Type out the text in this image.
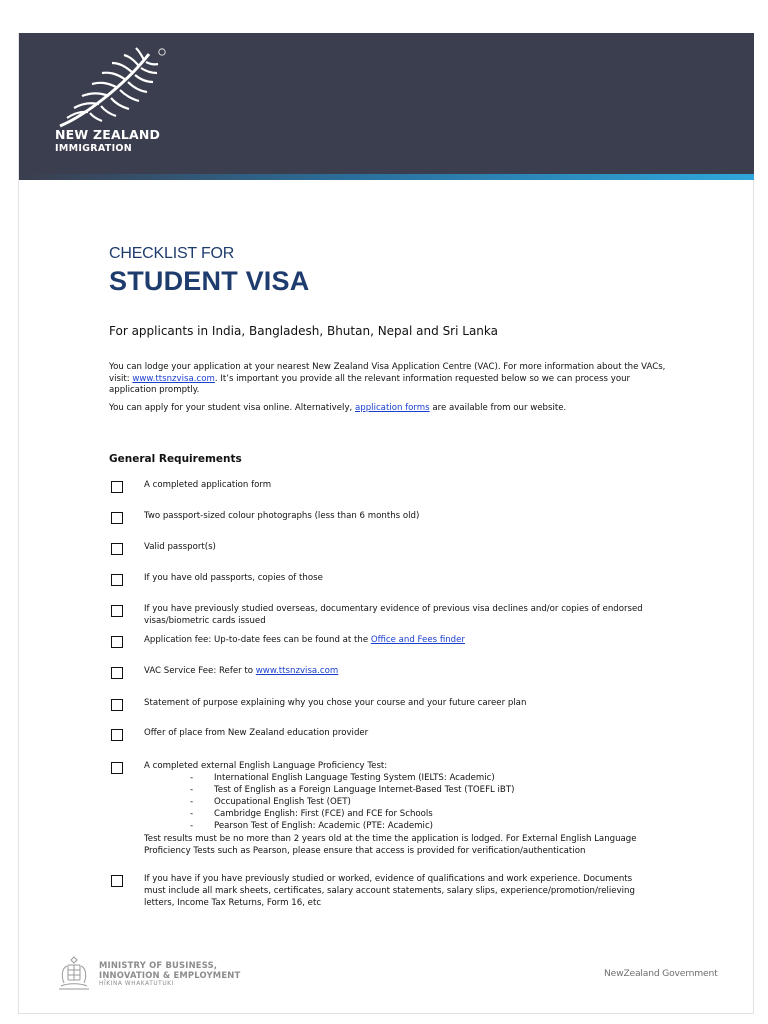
NEW ZEALAND
IMMIGRATION
CHECKLIST FOR
STUDENT VISA
For applicants in India, Bangladesh, Bhutan, Nepal and Sri Lanka
You can lodge your application at your nearest New Zealand Visa Application Centre (VAC). For more information about the VACs, visit: www.ttsnzvisa.com. It’s important you provide all the relevant information requested below so we can process your application promptly.
You can apply for your student visa online. Alternatively, application forms are available from our website.
General Requirements
A completed application form
Two passport-sized colour photographs (less than 6 months old)
Valid passport(s)
If you have old passports, copies of those
If you have previously studied overseas, documentary evidence of previous visa declines and/or copies of endorsed visas/biometric cards issued
Application fee: Up-to-date fees can be found at the Office and Fees finder
VAC Service Fee: Refer to www.ttsnzvisa.com
Statement of purpose explaining why you chose your course and your future career plan
Offer of place from New Zealand education provider
A completed external English Language Proficiency Test:
- International English Language Testing System (IELTS: Academic)
- Test of English as a Foreign Language Internet-Based Test (TOEFL iBT)
- Occupational English Test (OET)
- Cambridge English: First (FCE) and FCE for Schools
- Pearson Test of English: Academic (PTE: Academic)
Test results must be no more than 2 years old at the time the application is lodged. For External English Language Proficiency Tests such as Pearson, please ensure that access is provided for verification/authentication
If you have if you have previously studied or worked, evidence of qualifications and work experience. Documents must include all mark sheets, certificates, salary account statements, salary slips, experience/promotion/relieving letters, Income Tax Returns, Form 16, etc
MINISTRY OF BUSINESS,
INNOVATION & EMPLOYMENT
HĪKINA WHAKATUTUKI
NewZealand Government
